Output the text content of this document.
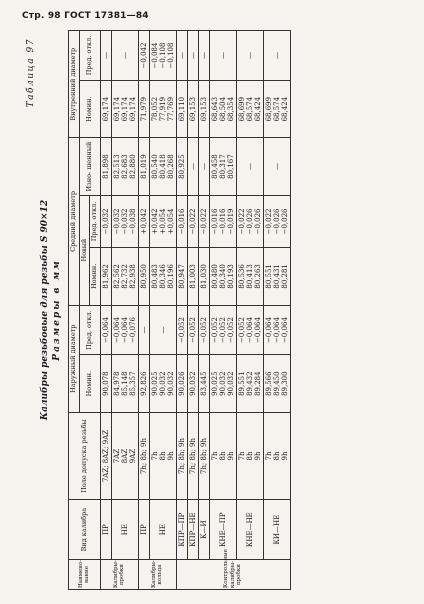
Стр. 98 ГОСТ 17381—84
Таблица 97
Калибры резьбовые для резьбы S 90×12 Размеры в мм
Наимено- вание	Вид калибра	Поле допуска резьбы	Наружный диаметр		Средний диаметр			Внутренний диаметр	
			Номин.	Пред. откл.	Новый		Изно- шенный	Номин.	Пред. откл.
					Номин.	Пред. откл.			
Калибры- пробки	ПР	7AZ; 8AZ; 9AZ	90,078	−0,064	81,962	−0,032	81,898	69,174	—

	НЕ	7AZ 8AZ 9AZ	84,978 85,148 85,357	−0,064 −0,064 −0,076	82,562 82,732 82,938	−0,032 −0,032 −0,038	82,513 82,683 82,880	69,174 69,174 69,174	—

Калибры- кольца	ПР	7h; 8h; 9h	92,826	—	80,950	+0,042	81,019	71,979	−0,042

	НЕ	7h 8h 9h	90,025 90,032 90,032	—	80,483 80,346 80,196	+0,042 +0,054 +0,054	80,540 80,418 80,268	78,052 77,919 77,769	−0,084 −0,108 −0,108

Контрольные калибры-пробки	КПР—ПР	7h; 8h; 9h	90,026	−0,052	80,947	−0,016	80,925	69,110	—

	КПР—НЕ	7h; 8h; 9h	90,032	−0,052	81,003	−0,022	—	69,153	—

	К—И	7h; 8h; 9h	83,445	−0,052	81,030	−0,022	—	69,153	—

	КНЕ—ПР	7h 8h 9h	90,025 90,032 90,032	−0,052 −0,052 −0,052	80,480 80,340 80,193	−0,016 −0,016 −0,019	80,458 80,317 80,167	68,643 68,504 68,354	—

	КНЕ—НЕ	7h 8h 9h	89,551 89,432 89,284	−0,052 −0,064 −0,064	80,536 80,413 80,263	−0,022 −0,026 −0,026	—	68,699 68,574 68,424	—

	КИ—НЕ	7h 8h 9h	89,566 89,450 89,300	−0,064 −0,064 −0,064	80,551 80,431 80,281	−0,022 −0,026 −0,026	—	68,699 68,574 68,424	—
